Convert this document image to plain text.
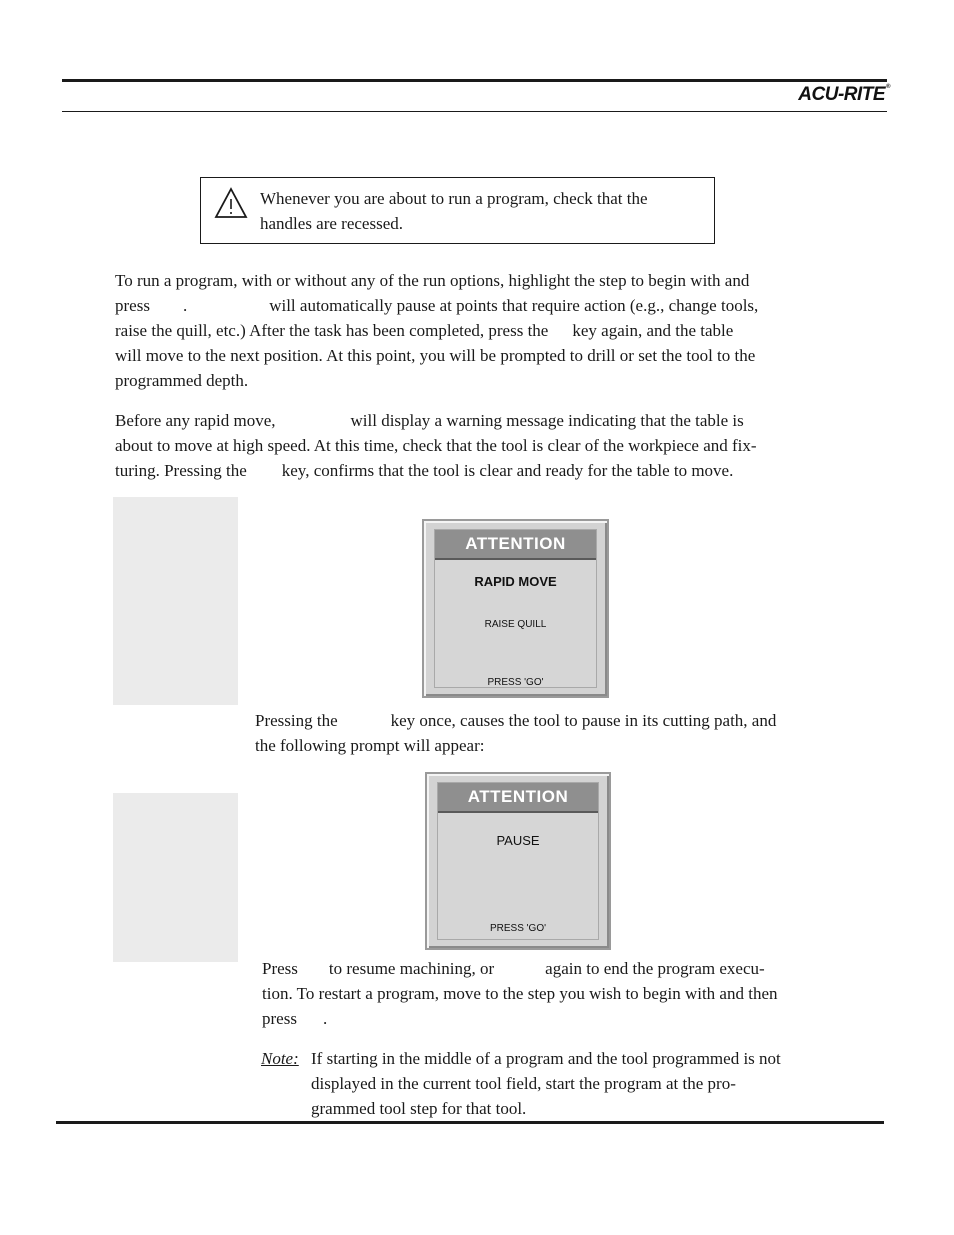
ACU-RITE®
Whenever you are about to run a program, check that the
handles are recessed.
To run a program, with or without any of the run options, highlight the step to begin with and
press .	will automatically pause at points that require action (e.g., change tools,
raise the quill, etc.) After the task has been completed, press the key again, and the table
will move to the next position. At this point, you will be prompted to drill or set the tool to the
programmed depth.
Before any rapid move,	will display a warning message indicating that the table is
about to move at high speed. At this time, check that the tool is clear of the workpiece and fix-
turing. Pressing the key, confirms that the tool is clear and ready for the table to move.
ATTENTION
RAPID MOVE
RAISE QUILL
PRESS 'GO'
Pressing the	key once, causes the tool to pause in its cutting path, and
the following prompt will appear:
ATTENTION
PAUSE
PRESS 'GO'
Press to resume machining, or	again to end the program execu-
tion. To restart a program, move to the step you wish to begin with and then
press .
Note: If starting in the middle of a program and the tool programmed is not
displayed in the current tool field, start the program at the pro-
grammed tool step for that tool.
